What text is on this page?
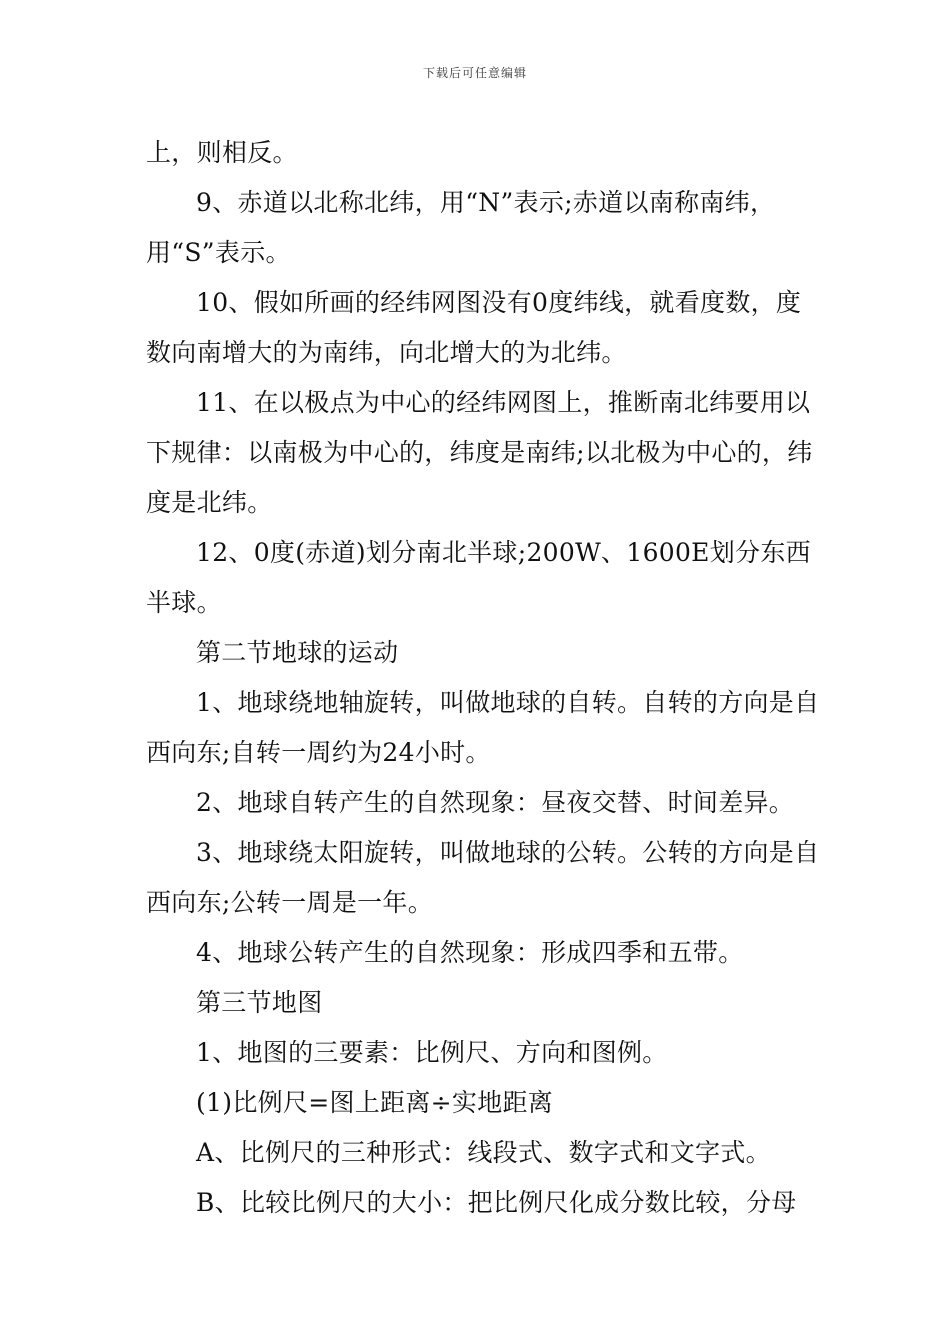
下载后可任意编辑

上，则相反。

9、赤道以北称北纬，用“N”表示;赤道以南称南纬，用“S”表示。

10、假如所画的经纬网图没有0度纬线，就看度数，度数向南增大的为南纬，向北增大的为北纬。

11、在以极点为中心的经纬网图上，推断南北纬要用以下规律：以南极为中心的，纬度是南纬;以北极为中心的，纬度是北纬。

12、0度(赤道)划分南北半球;200W、1600E划分东西半球。

第二节地球的运动

1、地球绕地轴旋转，叫做地球的自转。自转的方向是自西向东;自转一周约为24小时。

2、地球自转产生的自然现象：昼夜交替、时间差异。

3、地球绕太阳旋转，叫做地球的公转。公转的方向是自西向东;公转一周是一年。

4、地球公转产生的自然现象：形成四季和五带。

第三节地图

1、地图的三要素：比例尺、方向和图例。

(1)比例尺=图上距离÷实地距离

A、比例尺的三种形式：线段式、数字式和文字式。

B、比较比例尺的大小：把比例尺化成分数比较，分母
